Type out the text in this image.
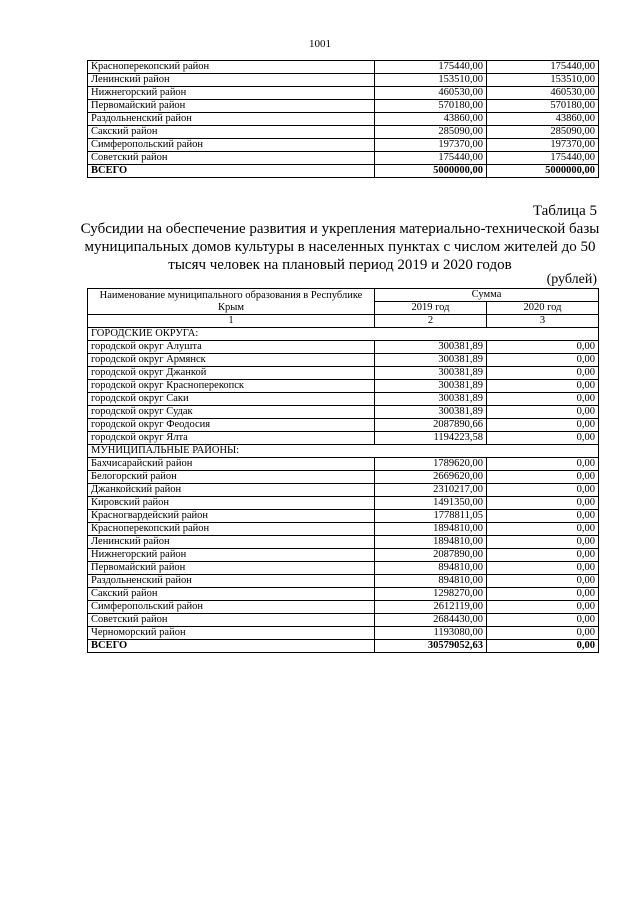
1001
Красноперекопский район	175440,00	175440,00
Ленинский район	153510,00	153510,00
Нижнегорский район	460530,00	460530,00
Первомайский район	570180,00	570180,00
Раздольненский район	43860,00	43860,00
Сакский район	285090,00	285090,00
Симферопольский район	197370,00	197370,00
Советский район	175440,00	175440,00
ВСЕГО	5000000,00	5000000,00
Таблица 5
Субсидии на обеспечение развития и укрепления материально-технической базы муниципальных домов культуры в населенных пунктах с числом жителей до 50 тысяч человек на плановый период 2019 и 2020 годов
(рублей)
Наименование муниципального образования в Республике Крым	Сумма	
	2019 год	2020 год
1	2	3
ГОРОДСКИЕ ОКРУГА:		
городской округ Алушта	300381,89	0,00
городской округ Армянск	300381,89	0,00
городской округ Джанкой	300381,89	0,00
городской округ Красноперекопск	300381,89	0,00
городской округ Саки	300381,89	0,00
городской округ Судак	300381,89	0,00
городской округ Феодосия	2087890,66	0,00
городской округ Ялта	1194223,58	0,00
МУНИЦИПАЛЬНЫЕ РАЙОНЫ:		
Бахчисарайский район	1789620,00	0,00
Белогорский район	2669620,00	0,00
Джанкойский район	2310217,00	0,00
Кировский район	1491350,00	0,00
Красногвардейский район	1778811,05	0,00
Красноперекопский район	1894810,00	0,00
Ленинский район	1894810,00	0,00
Нижнегорский район	2087890,00	0,00
Первомайский район	894810,00	0,00
Раздольненский район	894810,00	0,00
Сакский район	1298270,00	0,00
Симферопольский район	2612119,00	0,00
Советский район	2684430,00	0,00
Черноморский район	1193080,00	0,00
ВСЕГО	30579052,63	0,00
